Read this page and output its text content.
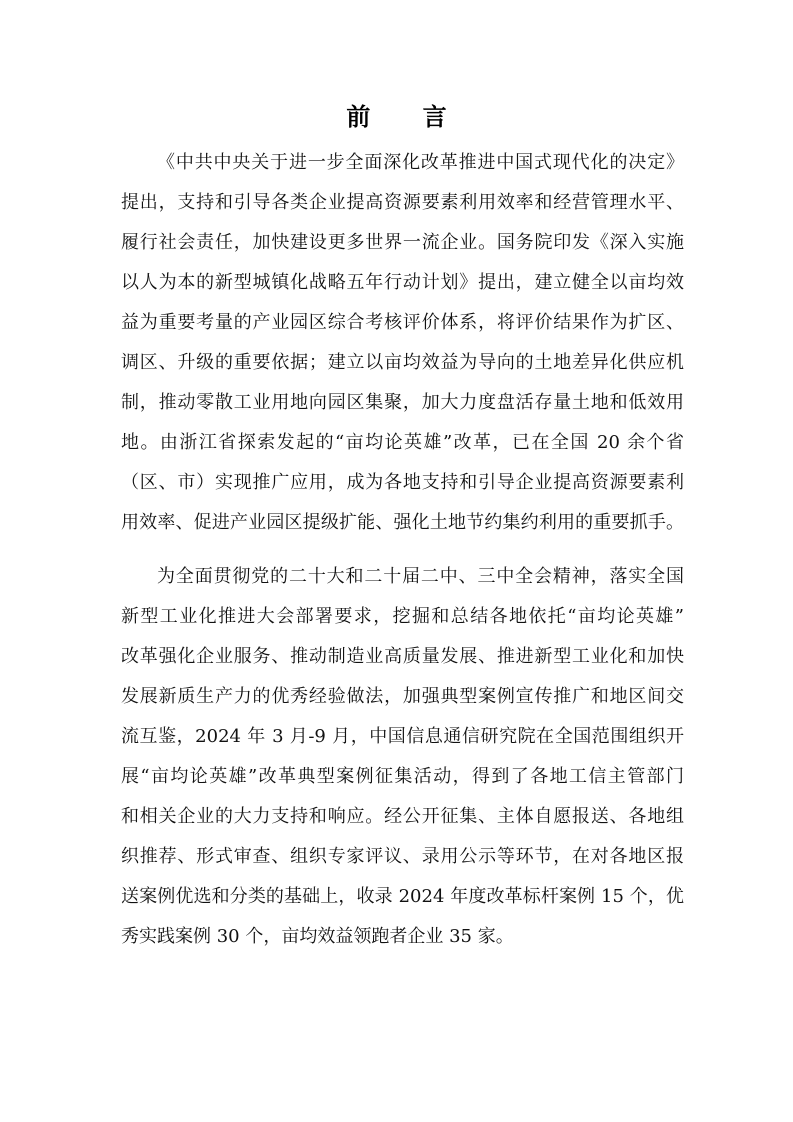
前 言
《中共中央关于进一步全面深化改革推进中国式现代化的决定》
提出，支持和引导各类企业提高资源要素利用效率和经营管理水平、
履行社会责任，加快建设更多世界一流企业。国务院印发《深入实施
以人为本的新型城镇化战略五年行动计划》提出，建立健全以亩均效
益为重要考量的产业园区综合考核评价体系，将评价结果作为扩区、
调区、升级的重要依据；建立以亩均效益为导向的土地差异化供应机
制，推动零散工业用地向园区集聚，加大力度盘活存量土地和低效用
地。由浙江省探索发起的“亩均论英雄”改革，已在全国 20 余个省
（区、市）实现推广应用，成为各地支持和引导企业提高资源要素利
用效率、促进产业园区提级扩能、强化土地节约集约利用的重要抓手。
为全面贯彻党的二十大和二十届二中、三中全会精神，落实全国
新型工业化推进大会部署要求，挖掘和总结各地依托“亩均论英雄”
改革强化企业服务、推动制造业高质量发展、推进新型工业化和加快
发展新质生产力的优秀经验做法，加强典型案例宣传推广和地区间交
流互鉴，2024 年 3 月-9 月，中国信息通信研究院在全国范围组织开
展“亩均论英雄”改革典型案例征集活动，得到了各地工信主管部门
和相关企业的大力支持和响应。经公开征集、主体自愿报送、各地组
织推荐、形式审查、组织专家评议、录用公示等环节，在对各地区报
送案例优选和分类的基础上，收录 2024 年度改革标杆案例 15 个，优
秀实践案例 30 个，亩均效益领跑者企业 35 家。
